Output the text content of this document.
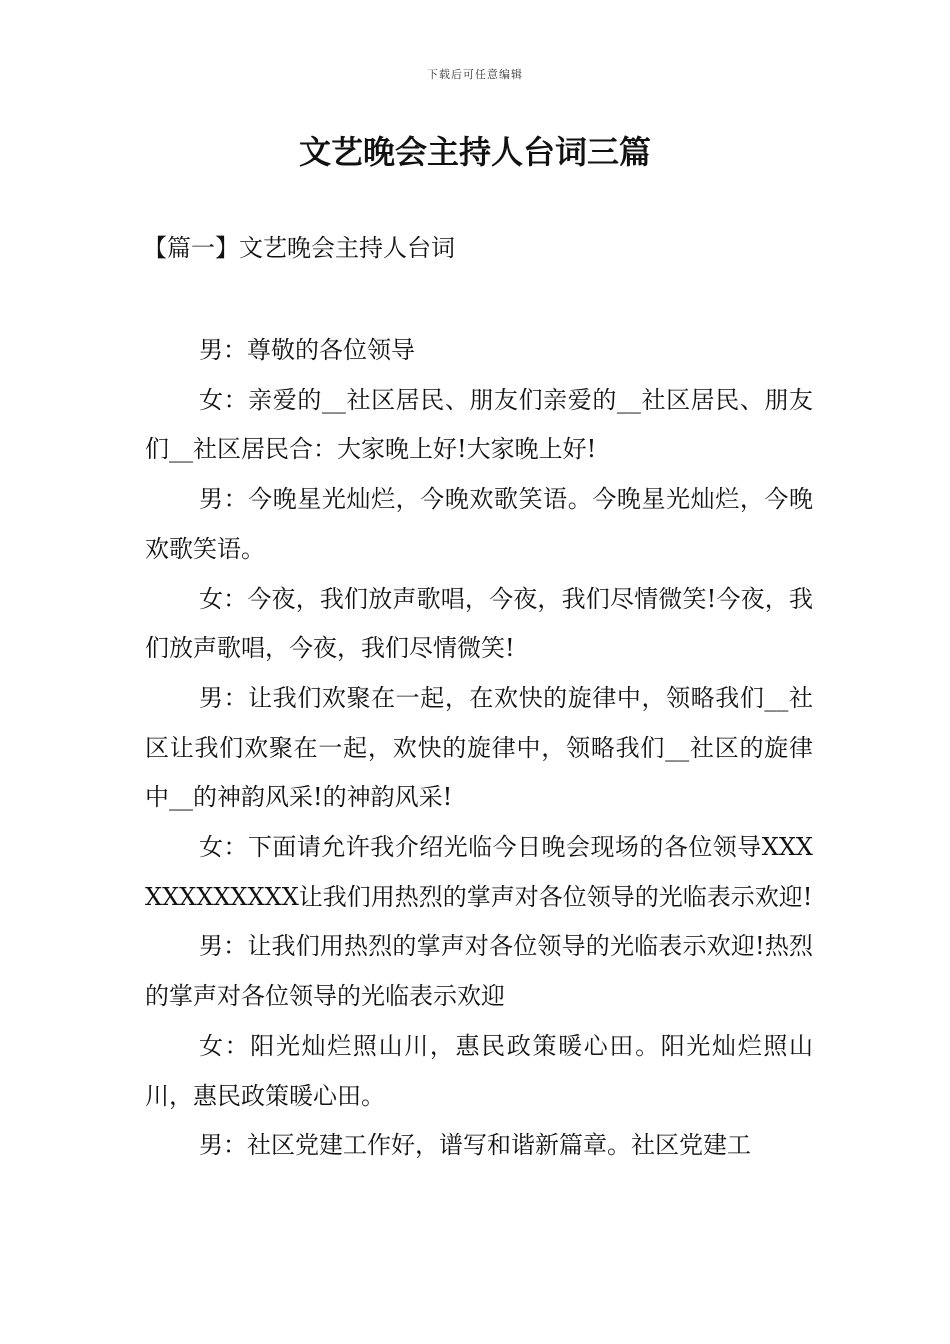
下载后可任意编辑
文艺晚会主持人台词三篇
【篇一】文艺晚会主持人台词

男：尊敬的各位领导

女：亲爱的__社区居民、朋友们亲爱的__社区居民、朋友们__社区居民合：大家晚上好!大家晚上好!

男：今晚星光灿烂，今晚欢歌笑语。今晚星光灿烂，今晚欢歌笑语。

女：今夜，我们放声歌唱，今夜，我们尽情微笑!今夜，我们放声歌唱，今夜，我们尽情微笑!

男：让我们欢聚在一起，在欢快的旋律中，领略我们__社区让我们欢聚在一起，欢快的旋律中，领略我们__社区的旋律中__的神韵风采!的神韵风采!

女：下面请允许我介绍光临今日晚会现场的各位领导XXXXXXXXXXXX让我们用热烈的掌声对各位领导的光临表示欢迎!

男：让我们用热烈的掌声对各位领导的光临表示欢迎!热烈的掌声对各位领导的光临表示欢迎

女：阳光灿烂照山川，惠民政策暖心田。阳光灿烂照山川，惠民政策暖心田。

男：社区党建工作好，谱写和谐新篇章。社区党建工
